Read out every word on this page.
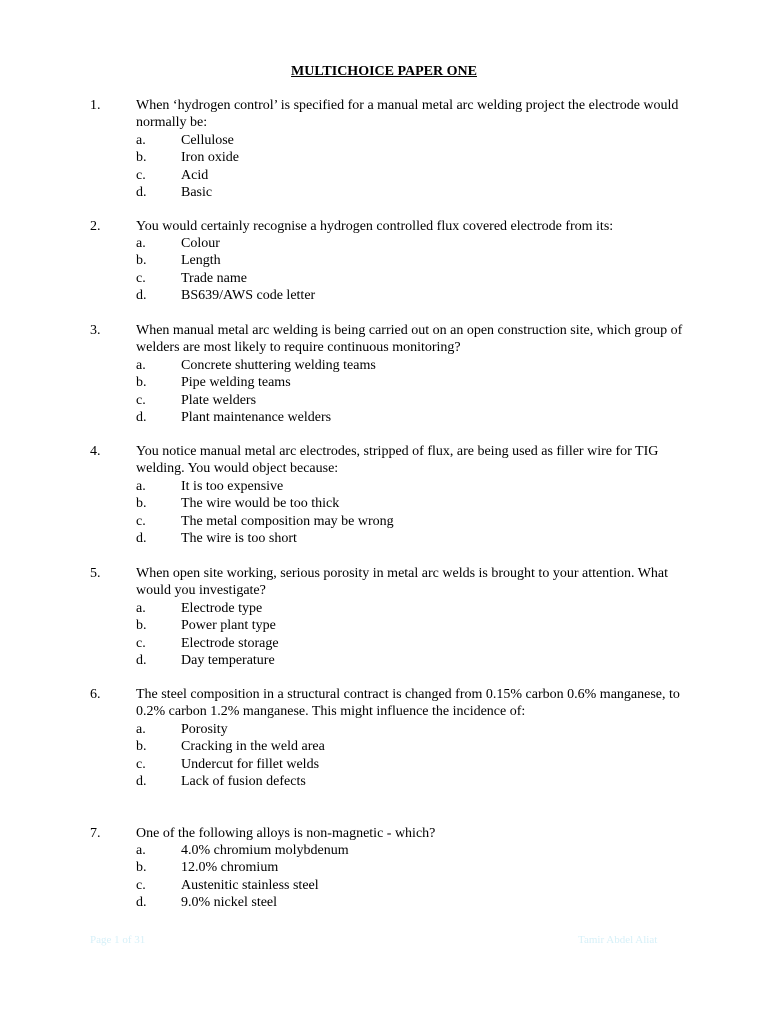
MULTICHOICE PAPER ONE
1.	When ‘hydrogen control’ is specified for a manual metal arc welding project the electrode would normally be:
a.	Cellulose
b. Iron oxide
c.	Acid
d. Basic
2.	You would certainly recognise a hydrogen controlled flux covered electrode from its:
a.	Colour
b. Length
c.	Trade name
d. BS639/AWS code letter
3.	When manual metal arc welding is being carried out on an open construction site, which group of welders are most likely to require continuous monitoring?
a.	Concrete shuttering welding teams
b. Pipe welding teams
c.	Plate welders
d. Plant maintenance welders
4.	You notice manual metal arc electrodes, stripped of flux, are being used as filler wire for TIG welding. You would object because:
a.	It is too expensive
b. The wire would be too thick
c.	The metal composition may be wrong
d. The wire is too short
5.	When open site working, serious porosity in metal arc welds is brought to your attention. What would you investigate?
a.	Electrode type
b. Power plant type
c.	Electrode storage
d. Day temperature
6.	The steel composition in a structural contract is changed from 0.15% carbon 0.6% manganese, to 0.2% carbon 1.2% manganese. This might influence the incidence of:
a.	Porosity
b. Cracking in the weld area
c.	Undercut for fillet welds
d. Lack of fusion defects
7.	One of the following alloys is non-magnetic - which?
a.	4.0% chromium molybdenum
b. 12.0% chromium
c.	Austenitic stainless steel
d. 9.0% nickel steel
Page 1 of 31	Tamir Abdel Aliat
